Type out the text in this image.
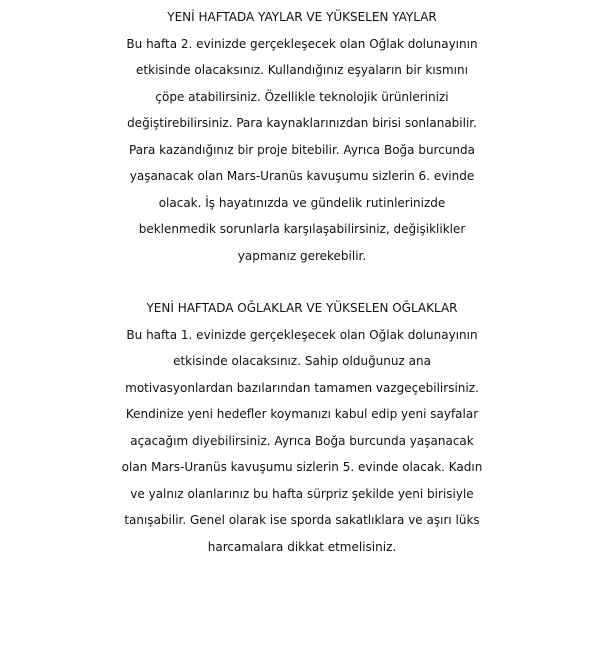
YENİ HAFTADA YAYLAR VE YÜKSELEN YAYLAR
Bu hafta 2. evinizde gerçekleşecek olan Oğlak dolunayının
etkisinde olacaksınız. Kullandığınız eşyaların bir kısmını
çöpe atabilirsiniz. Özellikle teknolojik ürünlerinizi
değiştirebilirsiniz. Para kaynaklarınızdan birisi sonlanabilir.
Para kazandığınız bir proje bitebilir. Ayrıca Boğa burcunda
yaşanacak olan Mars-Uranüs kavuşumu sizlerin 6. evinde
olacak. İş hayatınızda ve gündelik rutinlerinizde
beklenmedik sorunlarla karşılaşabilirsiniz, değişiklikler
yapmanız gerekebilir.
YENİ HAFTADA OĞLAKLAR VE YÜKSELEN OĞLAKLAR
Bu hafta 1. evinizde gerçekleşecek olan Oğlak dolunayının
etkisinde olacaksınız. Sahip olduğunuz ana
motivasyonlardan bazılarından tamamen vazgeçebilirsiniz.
Kendinize yeni hedefler koymanızı kabul edip yeni sayfalar
açacağım diyebilirsiniz. Ayrıca Boğa burcunda yaşanacak
olan Mars-Uranüs kavuşumu sizlerin 5. evinde olacak. Kadın
ve yalnız olanlarınız bu hafta sürpriz şekilde yeni birisiyle
tanışabilir. Genel olarak ise sporda sakatlıklara ve aşırı lüks
harcamalara dikkat etmelisiniz.
